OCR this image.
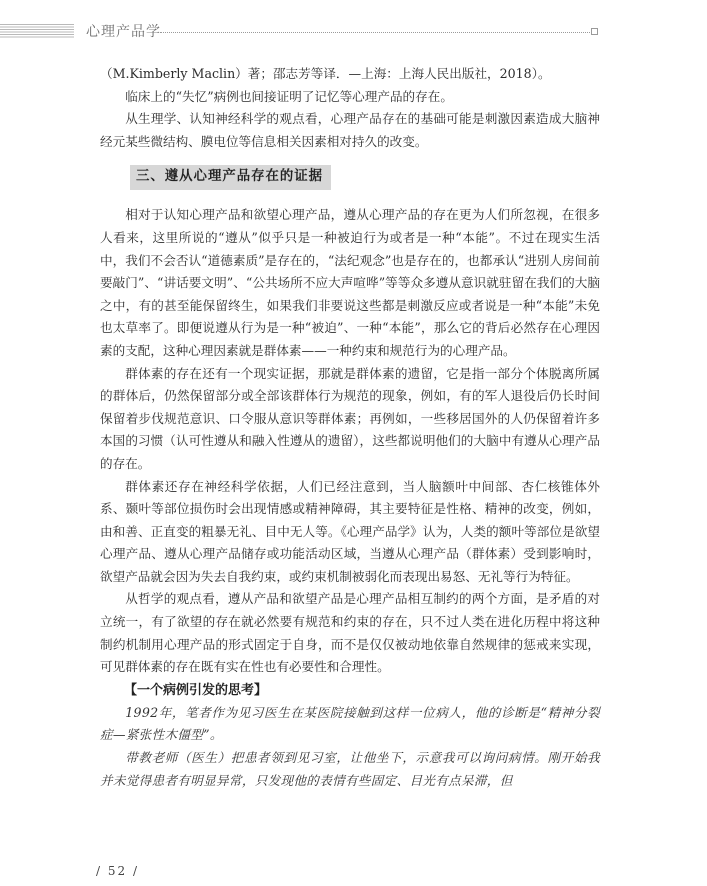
心理产品学

（M.Kimberly Maclin）著；邵志芳等译．—上海：上海人民出版社，2018）。

临床上的“失忆”病例也间接证明了记忆等心理产品的存在。

从生理学、认知神经科学的观点看，心理产品存在的基础可能是刺激因素造成大脑神经元某些微结构、膜电位等信息相关因素相对持久的改变。

三、遵从心理产品存在的证据

相对于认知心理产品和欲望心理产品，遵从心理产品的存在更为人们所忽视，在很多人看来，这里所说的“遵从”似乎只是一种被迫行为或者是一种“本能”。不过在现实生活中，我们不会否认“道德素质”是存在的，“法纪观念”也是存在的，也都承认“进别人房间前要敲门”、“讲话要文明”、“公共场所不应大声喧哗”等等众多遵从意识就驻留在我们的大脑之中，有的甚至能保留终生，如果我们非要说这些都是刺激反应或者说是一种“本能”未免也太草率了。即便说遵从行为是一种“被迫”、一种“本能”，那么它的背后必然存在心理因素的支配，这种心理因素就是群体素——一种约束和规范行为的心理产品。

群体素的存在还有一个现实证据，那就是群体素的遗留，它是指一部分个体脱离所属的群体后，仍然保留部分或全部该群体行为规范的现象，例如，有的军人退役后仍长时间保留着步伐规范意识、口令服从意识等群体素；再例如，一些移居国外的人仍保留着许多本国的习惯（认可性遵从和融入性遵从的遗留），这些都说明他们的大脑中有遵从心理产品的存在。

群体素还存在神经科学依据，人们已经注意到，当人脑额叶中间部、杏仁核锥体外系、颞叶等部位损伤时会出现情感或精神障碍，其主要特征是性格、精神的改变，例如，由和善、正直变的粗暴无礼、目中无人等。《心理产品学》认为，人类的额叶等部位是欲望心理产品、遵从心理产品储存或功能活动区域，当遵从心理产品（群体素）受到影响时，欲望产品就会因为失去自我约束，或约束机制被弱化而表现出易怒、无礼等行为特征。

从哲学的观点看，遵从产品和欲望产品是心理产品相互制约的两个方面，是矛盾的对立统一，有了欲望的存在就必然要有规范和约束的存在，只不过人类在进化历程中将这种制约机制用心理产品的形式固定于自身，而不是仅仅被动地依靠自然规律的惩戒来实现，可见群体素的存在既有实在性也有必要性和合理性。

【一个病例引发的思考】

1992年，笔者作为见习医生在某医院接触到这样一位病人，他的诊断是“精神分裂症—紧张性木僵型”。

带教老师（医生）把患者领到见习室，让他坐下，示意我可以询问病情。刚开始我并未觉得患者有明显异常，只发现他的表情有些固定、目光有点呆滞，但

/ 52 /
